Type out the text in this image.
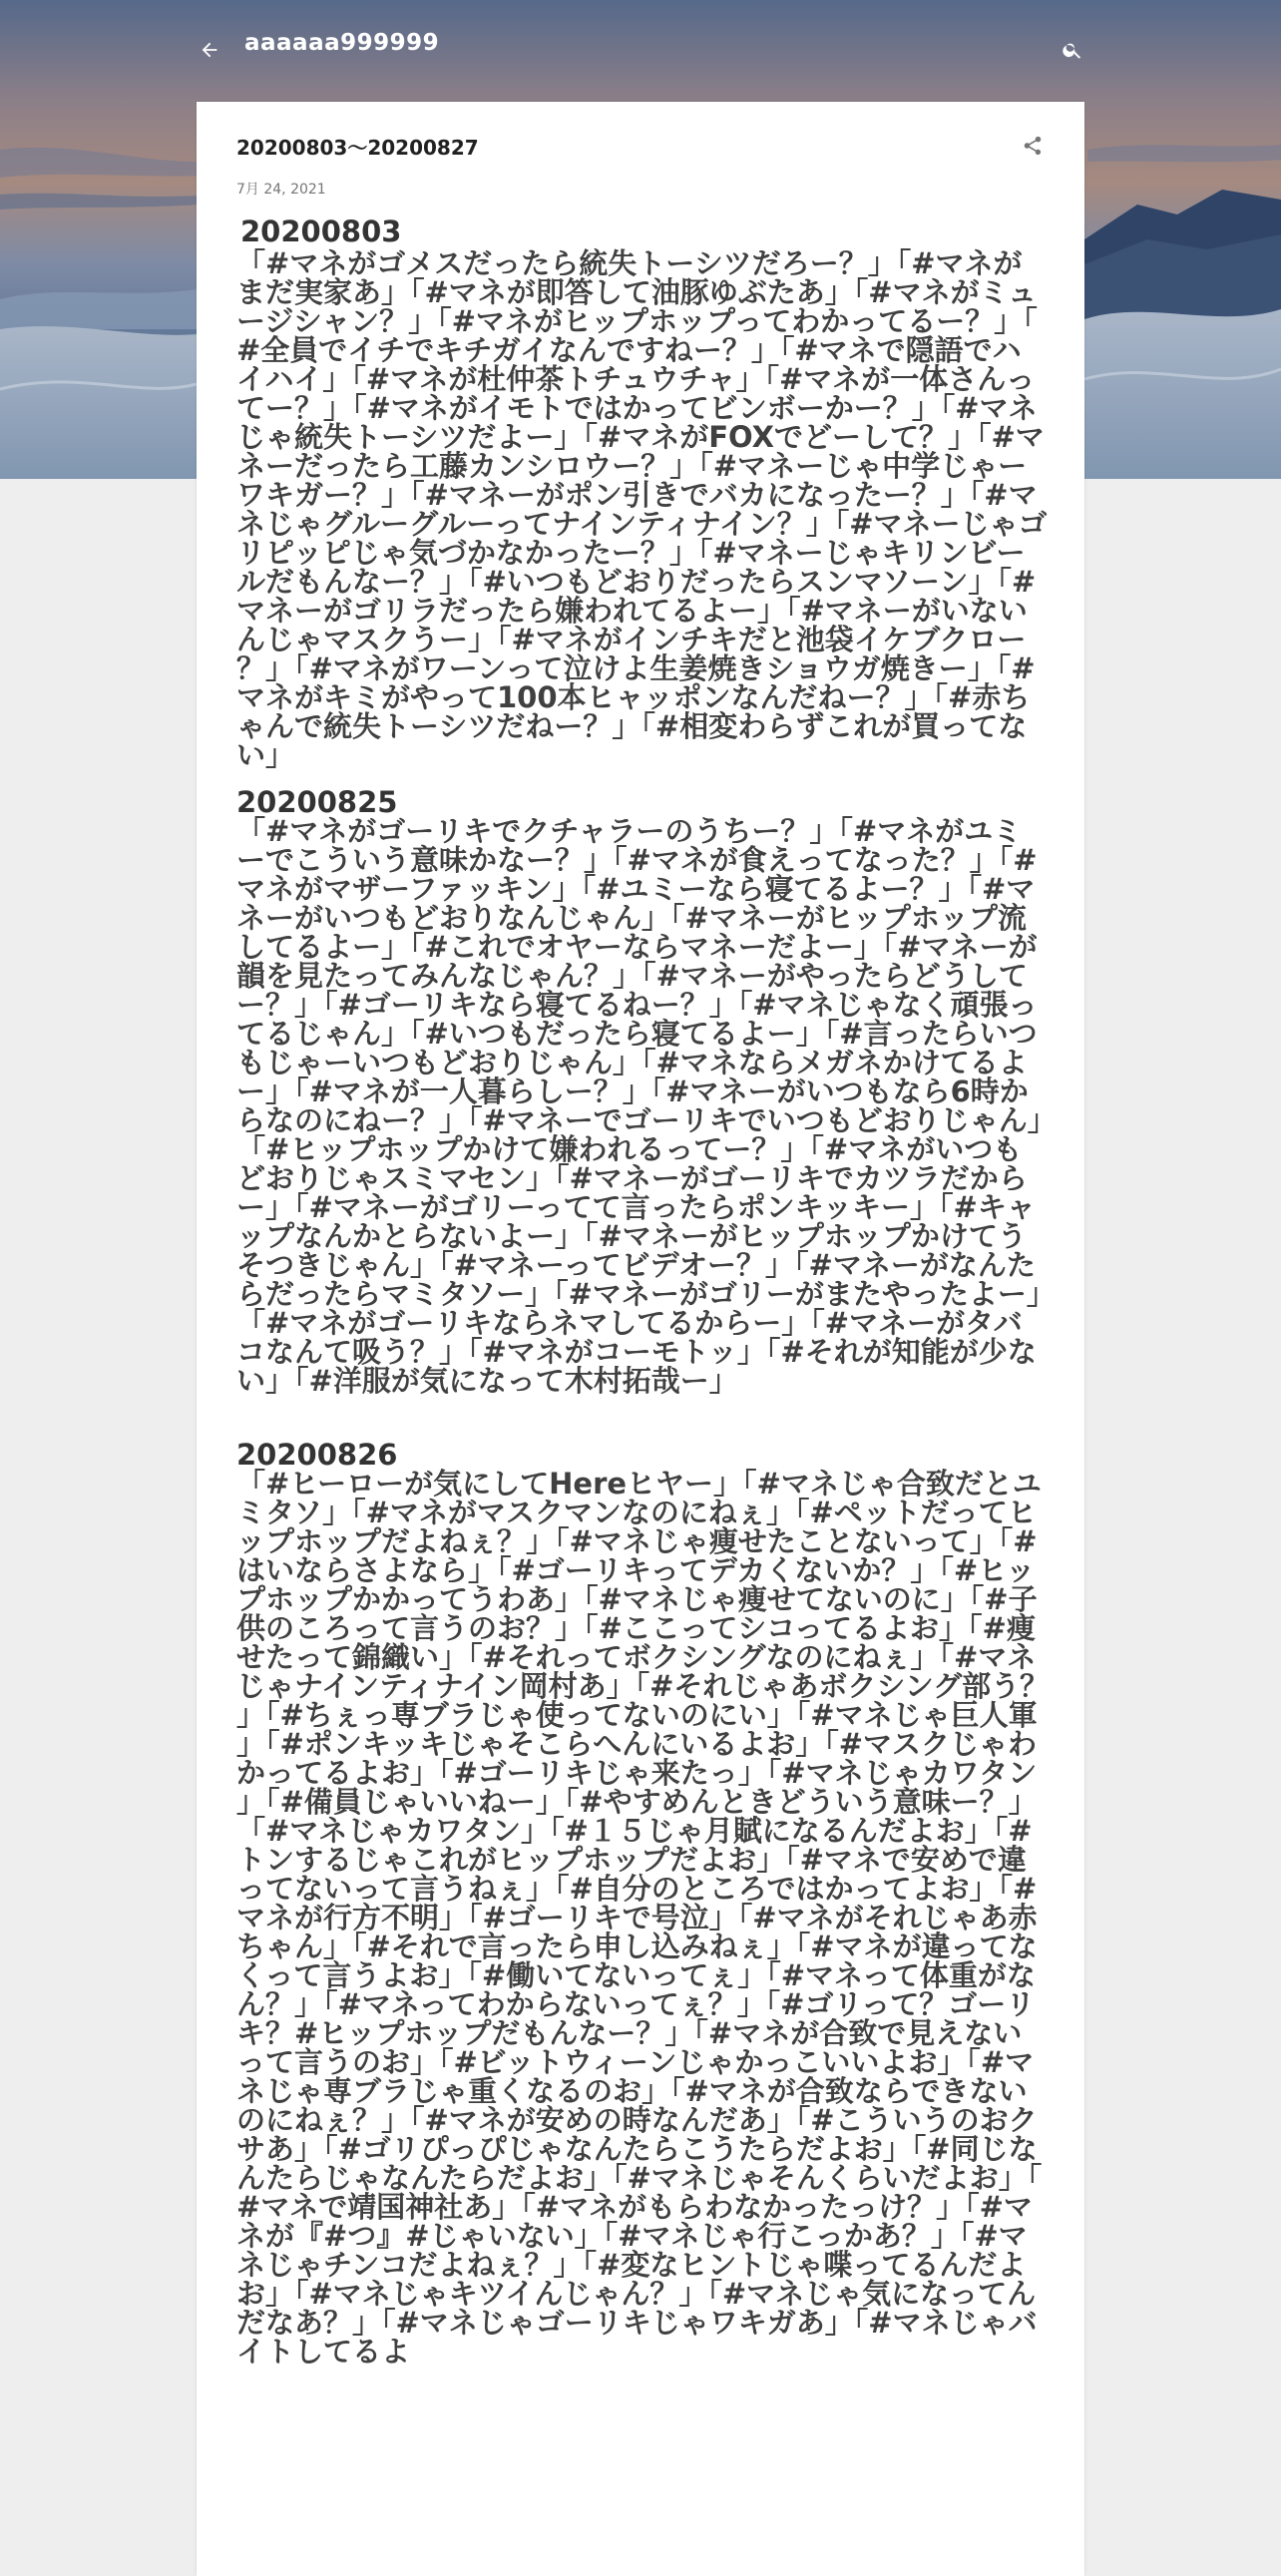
aaaaaa999999
20200803～20200827
7月 24, 2021
20200803
「#マネがゴメスだったら統失トーシツだろー？」「#マネがまだ実家あ」「#マネが即答して油豚ゆぶたあ」「#マネがミュージシャン？」「#マネがヒップホップってわかってるー？」「#全員でイチでキチガイなんですねー？」「#マネで隠語でハイハイ」「#マネが杜仲茶トチュウチャ」「#マネが一体さんってー？」「#マネがイモトではかってビンボーかー？」「#マネじゃ統失トーシツだよー」「#マネがFOXでどーして？」「#マネーだったら工藤カンシロウー？」「#マネーじゃ中学じゃーワキガー？」「#マネーがポン引きでバカになったー？」「#マネじゃグルーグルーってナインティナイン？」「#マネーじゃゴリピッピじゃ気づかなかったー？」「#マネーじゃキリンビールだもんなー？」「#いつもどおりだったらスンマソーン」「#マネーがゴリラだったら嫌われてるよー」「#マネーがいないんじゃマスクうー」「#マネがインチキだと池袋イケブクロー？」「#マネがワーンって泣けよ生姜焼きショウガ焼きー」「#マネがキミがやって100本ヒャッポンなんだねー？」「#赤ちゃんで統失トーシツだねー？」「#相変わらずこれが買ってない」
20200825
「#マネがゴーリキでクチャラーのうちー？」「#マネがユミーでこういう意味かなー？」「#マネが食えってなった？」「#マネがマザーファッキン」「#ユミーなら寝てるよー？」「#マネーがいつもどおりなんじゃん」「#マネーがヒップホップ流してるよー」「#これでオヤーならマネーだよー」「#マネーが韻を見たってみんなじゃん？」「#マネーがやったらどうしてー？」「#ゴーリキなら寝てるねー？」「#マネじゃなく頑張ってるじゃん」「#いつもだったら寝てるよー」「#言ったらいつもじゃーいつもどおりじゃん」「#マネならメガネかけてるよー」「#マネが一人暮らしー？」「#マネーがいつもなら6時からなのにねー？」「#マネーでゴーリキでいつもどおりじゃん」「#ヒップホップかけて嫌われるってー？」「#マネがいつもどおりじゃスミマセン」「#マネーがゴーリキでカツラだからー」「#マネーがゴリーってて言ったらポンキッキー」「#キャップなんかとらないよー」「#マネーがヒップホップかけてうそつきじゃん」「#マネーってビデオー？」「#マネーがなんたらだったらマミタソー」「#マネーがゴリーがまたやったよー」「#マネがゴーリキならネマしてるからー」「#マネーがタバコなんて吸う？」「#マネがコーモトッ」「#それが知能が少ない」「#洋服が気になって木村拓哉ー」
20200826
「#ヒーローが気にしてHereヒヤー」「#マネじゃ合致だとユミタソ」「#マネがマスクマンなのにねぇ」「#ペットだってヒップホップだよねぇ？」「#マネじゃ痩せたことないって」「#はいならさよなら」「#ゴーリキってデカくないか？」「#ヒップホップかかってうわあ」「#マネじゃ痩せてないのに」「#子供のころって言うのお？」「#ここってシコってるよお」「#痩せたって錦織い」「#それってボクシングなのにねぇ」「#マネじゃナインティナイン岡村あ」「#それじゃあボクシング部う？」「#ちぇっ専ブラじゃ使ってないのにい」「#マネじゃ巨人軍」「#ポンキッキじゃそこらへんにいるよお」「#マスクじゃわかってるよお」「#ゴーリキじゃ来たっ」「#マネじゃカワタン」「#備員じゃいいねー」「#やすめんときどういう意味ー？」「#マネじゃカワタン」「#１５じゃ月賦になるんだよお」「#トンするじゃこれがヒップホップだよお」「#マネで安めで違ってないって言うねぇ」「#自分のところではかってよお」「#マネが行方不明」「#ゴーリキで号泣」「#マネがそれじゃあ赤ちゃん」「#それで言ったら申し込みねぇ」「#マネが違ってなくって言うよお」「#働いてないってぇ」「#マネって体重がなん？」「#マネってわからないってぇ？」「#ゴリって？ゴーリキ？#ヒップホップだもんなー？」「#マネが合致で見えないって言うのお」「#ビットウィーンじゃかっこいいよお」「#マネじゃ専ブラじゃ重くなるのお」「#マネが合致ならできないのにねぇ？」「#マネが安めの時なんだあ」「#こういうのおクサあ」「#ゴリぴっぴじゃなんたらこうたらだよお」「#同じなんたらじゃなんたらだよお」「#マネじゃそんくらいだよお」「#マネで靖国神社あ」「#マネがもらわなかったっけ？」「#マネが『#つ』#じゃいない」「#マネじゃ行こっかあ？」「#マネじゃチンコだよねぇ？」「#変なヒントじゃ喋ってるんだよお」「#マネじゃキツイんじゃん？」「#マネじゃ気になってんだなあ？」「#マネじゃゴーリキじゃワキガあ」「#マネじゃバイトしてるよ
